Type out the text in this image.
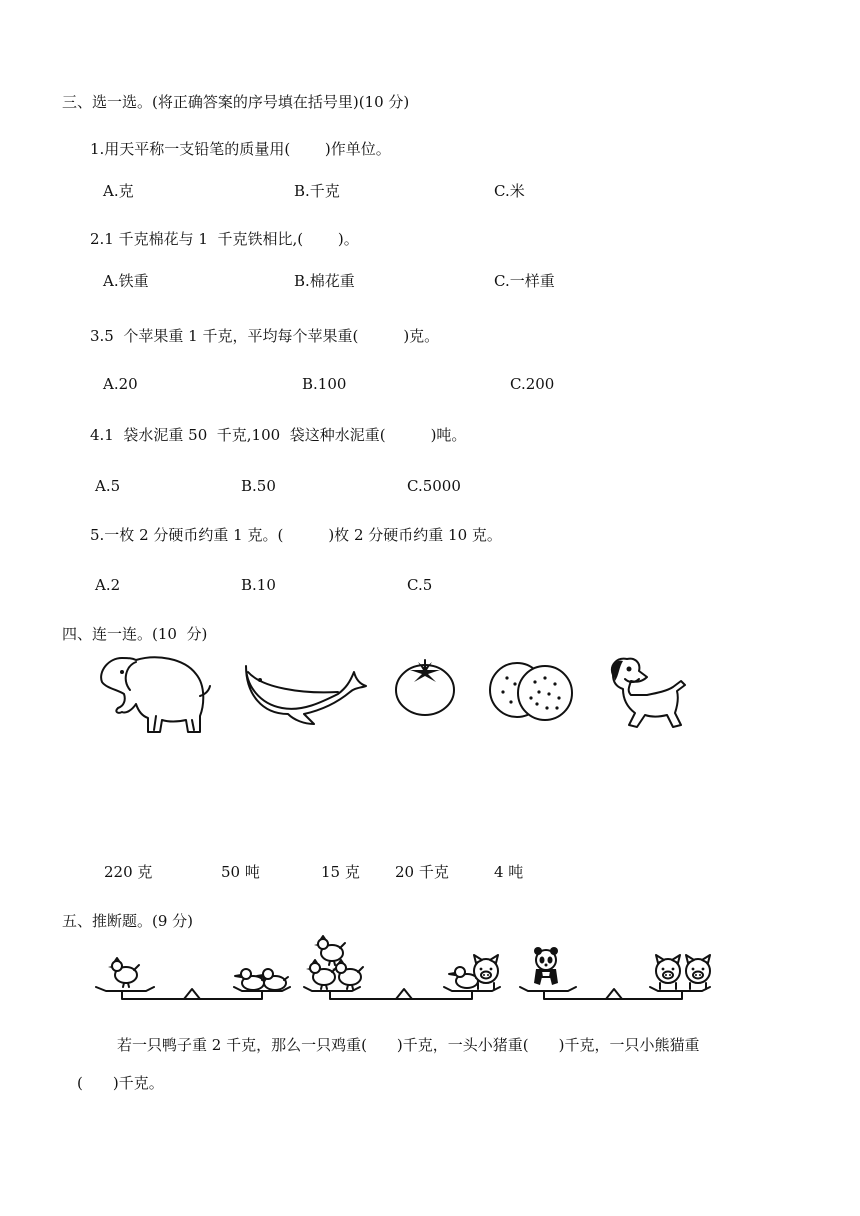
三、选一选。(将正确答案的序号填在括号里)(10 分)
1.用天平称一支铅笔的质量用(　　 )作单位。
A.克	B.千克	C.米
2.1 千克棉花与 1  千克铁相比,(　　 )。
A.铁重	B.棉花重	C.一样重
3.5  个苹果重 1 千克，平均每个苹果重(　　　)克。
A.20	B.100	C.200
4.1  袋水泥重 50  千克,100  袋这种水泥重(　　　)吨。
A.5	B.50	C.5000
5.一枚 2 分硬币约重 1 克。(　　　)枚 2 分硬币约重 10 克。
A.2	B.10	C.5
四、连一连。(10  分)
220 克	50 吨	15 克 20 千克	4 吨
五、推断题。(9 分)
若一只鸭子重 2 千克，那么一只鸡重(　　)千克，一头小猪重(　　)千克，一只小熊猫重
(　　)千克。
